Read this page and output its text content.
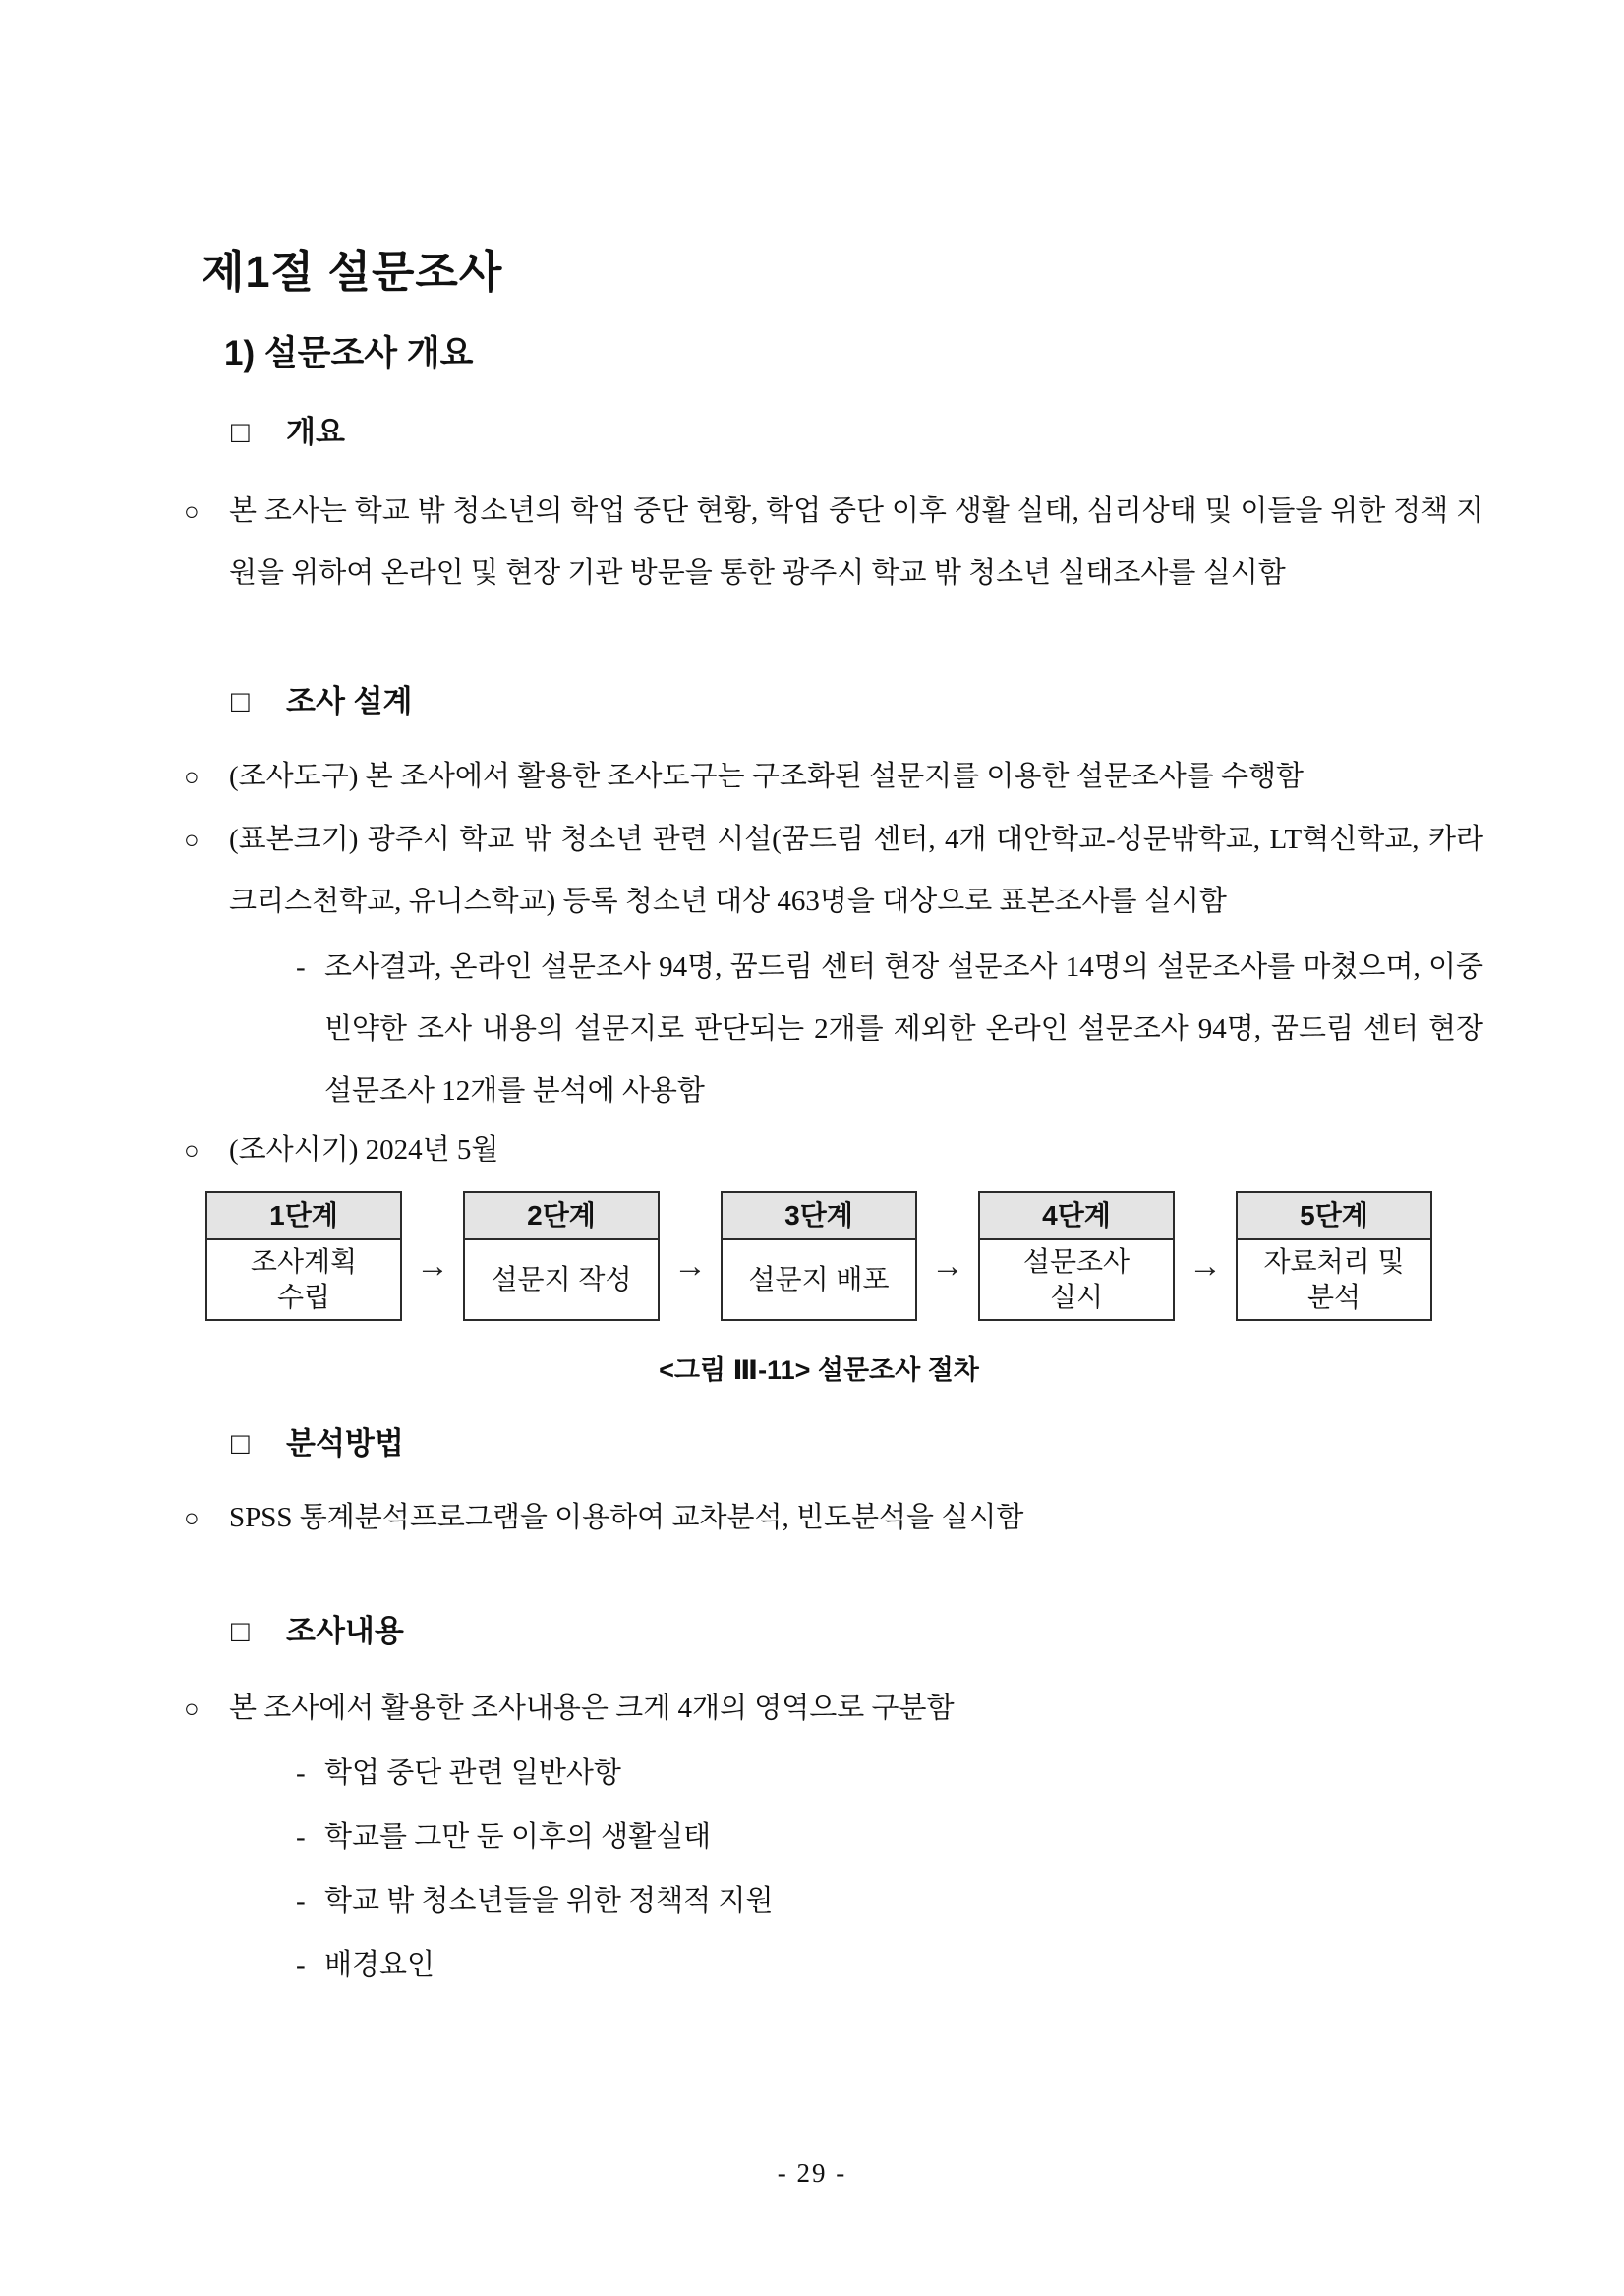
제1절 설문조사
1) 설문조사 개요
□	개요
○	본 조사는 학교 밖 청소년의 학업 중단 현황, 학업 중단 이후 생활 실태, 심리상태 및 이들을 위한 정책 지원을 위하여 온라인 및 현장 기관 방문을 통한 광주시 학교 밖 청소년 실태조사를 실시함
□	조사 설계
○	(조사도구) 본 조사에서 활용한 조사도구는 구조화된 설문지를 이용한 설문조사를 수행함
○	(표본크기) 광주시 학교 밖 청소년 관련 시설(꿈드림 센터, 4개 대안학교-성문밖학교, LT혁신학교, 카라크리스천학교, 유니스학교) 등록 청소년 대상 463명을 대상으로 표본조사를 실시함
- 조사결과, 온라인 설문조사 94명, 꿈드림 센터 현장 설문조사 14명의 설문조사를 마쳤으며, 이중 빈약한 조사 내용의 설문지로 판단되는 2개를 제외한 온라인 설문조사 94명, 꿈드림 센터 현장 설문조사 12개를 분석에 사용함
○	(조사시기) 2024년 5월
1단계
조사계획
수립
→
2단계
설문지 작성	→
3단계
설문지 배포	→
4단계
설문조사
실시
→
5단계
자료처리 및
분석
<그림 Ⅲ-11> 설문조사 절차
□	분석방법
○	SPSS 통계분석프로그램을 이용하여 교차분석, 빈도분석을 실시함
□	조사내용
○	본 조사에서 활용한 조사내용은 크게 4개의 영역으로 구분함
- 학업 중단 관련 일반사항
- 학교를 그만 둔 이후의 생활실태
- 학교 밖 청소년들을 위한 정책적 지원
- 배경요인
- 29 -
